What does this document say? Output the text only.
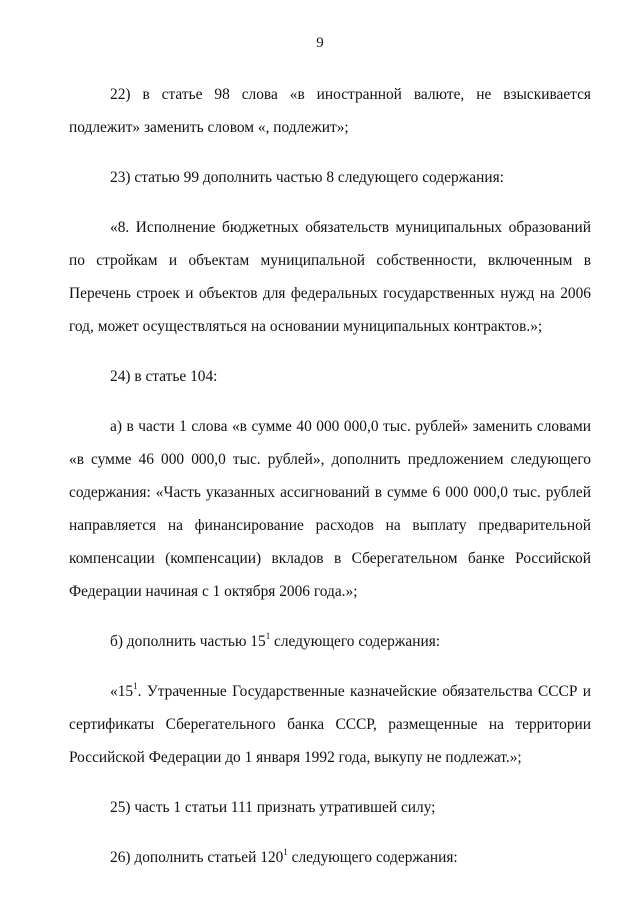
9

22) в статье 98 слова «в иностранной валюте, не взыскивается подлежит» заменить словом «, подлежит»;

23) статью 99 дополнить частью 8 следующего содержания:

«8. Исполнение бюджетных обязательств муниципальных образований по стройкам и объектам муниципальной собственности, включенным в Перечень строек и объектов для федеральных государственных нужд на 2006 год, может осуществляться на основании муниципальных контрактов.»;

24) в статье 104:

а) в части 1 слова «в сумме 40 000 000,0 тыс. рублей» заменить словами «в сумме 46 000 000,0 тыс. рублей», дополнить предложением следующего содержания: «Часть указанных ассигнований в сумме 6 000 000,0 тыс. рублей направляется на финансирование расходов на выплату предварительной компенсации (компенсации) вкладов в Сберегательном банке Российской Федерации начиная с 1 октября 2006 года.»;

б) дополнить частью $15^1$ следующего содержания:

«$15^1$. Утраченные Государственные казначейские обязательства СССР и сертификаты Сберегательного банка СССР, размещенные на территории Российской Федерации до 1 января 1992 года, выкупу не подлежат.»;

25) часть 1 статьи 111 признать утратившей силу;

26) дополнить статьей $120^1$ следующего содержания:
